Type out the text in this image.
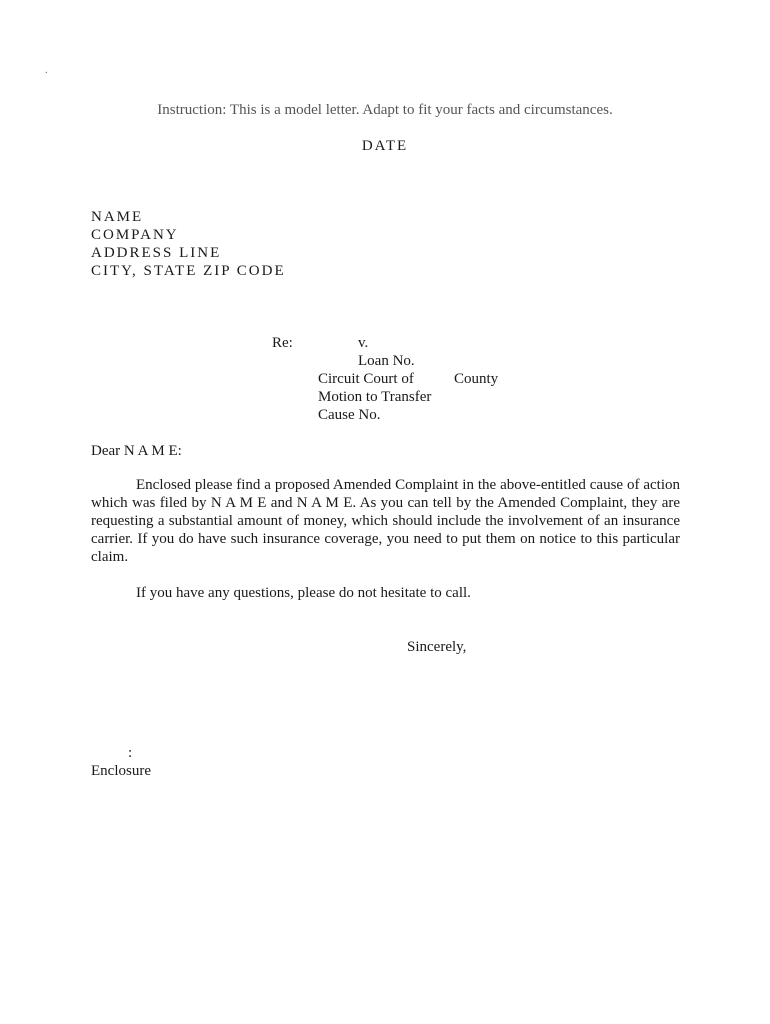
.
Instruction: This is a model letter. Adapt to fit your facts and circumstances.
DATE
NAME
COMPANY
ADDRESS LINE
CITY, STATE ZIP CODE
Re:	v.
Loan No.
Circuit Court of	County
Motion to Transfer
Cause No.
Dear N A M E:
Enclosed please find a proposed Amended Complaint in the above-entitled cause of action which was filed by N A M E and N A M E. As you can tell by the Amended Complaint, they are requesting a substantial amount of money, which should include the involvement of an insurance carrier. If you do have such insurance coverage, you need to put them on notice to this particular claim.
If you have any questions, please do not hesitate to call.
Sincerely,
:
Enclosure
